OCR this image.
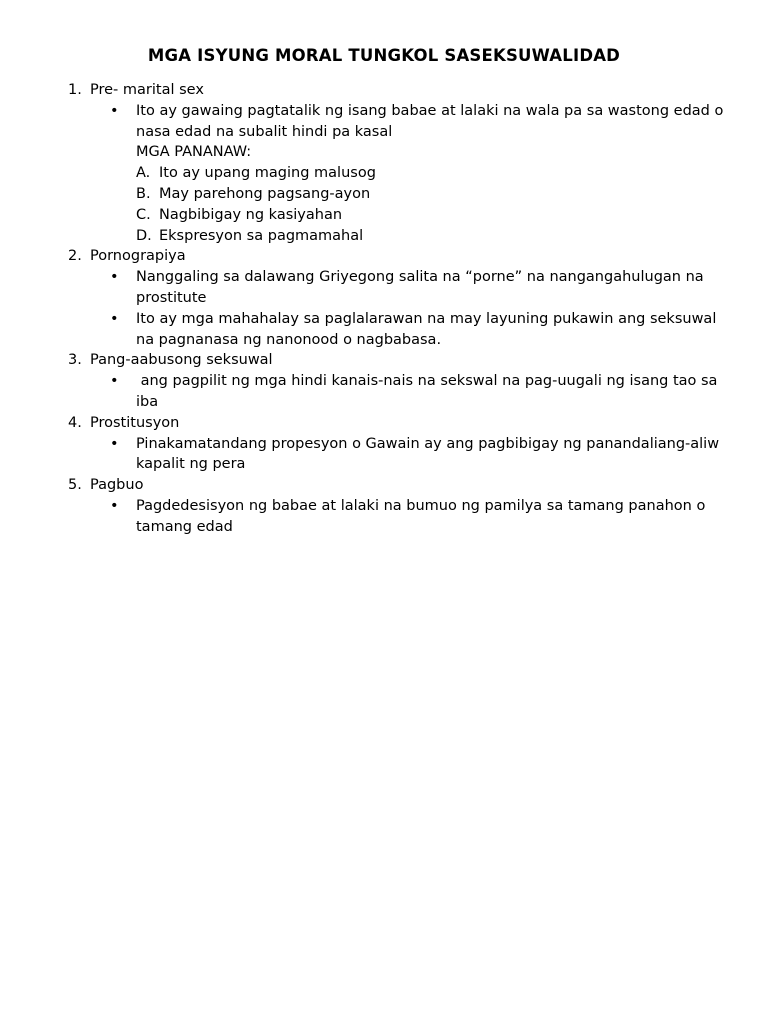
MGA ISYUNG MORAL TUNGKOL SASEKSUWALIDAD
1. Pre- marital sex
• Ito ay gawaing pagtatalik ng isang babae at lalaki na wala pa sa wastong edad o nasa edad na subalit hindi pa kasal
MGA PANANAW:
A. Ito ay upang maging malusog
B. May parehong pagsang-ayon
C. Nagbibigay ng kasiyahan
D. Ekspresyon sa pagmamahal
2. Pornograpiya
• Nanggaling sa dalawang Griyegong salita na “porne” na nangangahulugan na prostitute
• Ito ay mga mahahalay sa paglalarawan na may layuning pukawin ang seksuwal na pagnanasa ng nanonood o nagbabasa.
3. Pang-aabusong seksuwal
• ang pagpilit ng mga hindi kanais-nais na sekswal na pag-uugali ng isang tao sa iba
4. Prostitusyon
• Pinakamatandang propesyon o Gawain ay ang pagbibigay ng panandaliang-aliw kapalit ng pera
5. Pagbuo
• Pagdedesisyon ng babae at lalaki na bumuo ng pamilya sa tamang panahon o tamang edad
